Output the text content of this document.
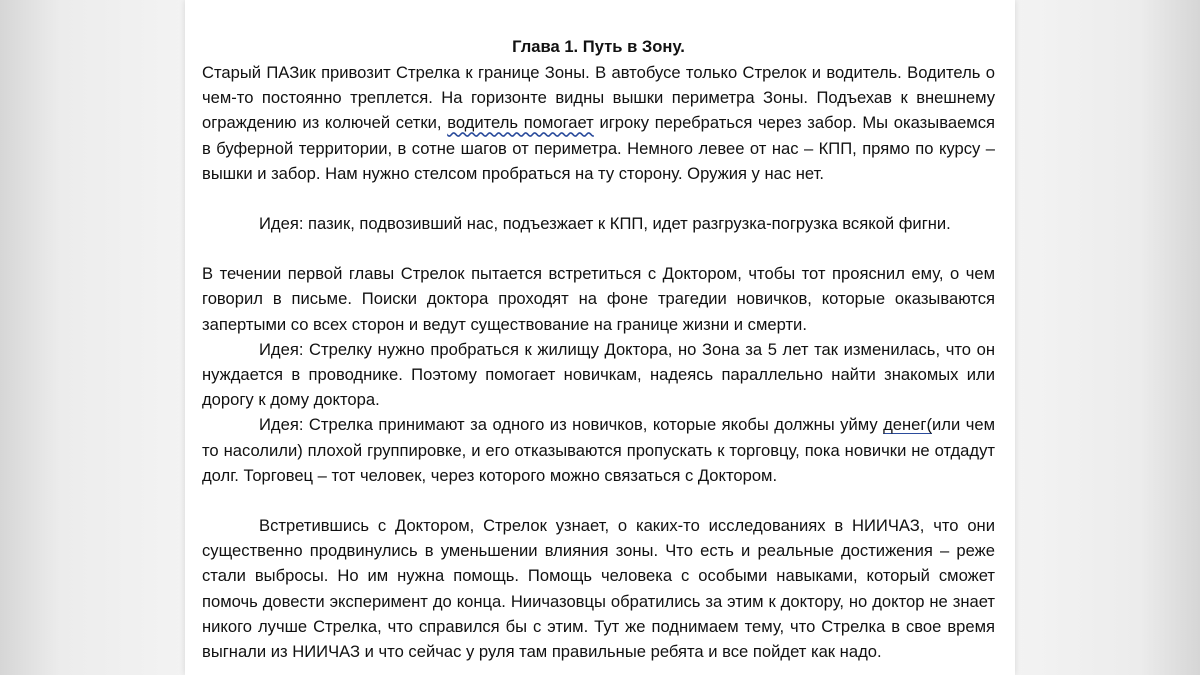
Глава 1. Путь в Зону.

Старый ПАЗик привозит Стрелка к границе Зоны. В автобусе только Стрелок и водитель. Водитель о чем-то постоянно треплется. На горизонте видны вышки периметра Зоны. Подъехав к внешнему ограждению из колючей сетки, водитель помогает игроку перебраться через забор. Мы оказываемся в буферной территории, в сотне шагов от периметра. Немного левее от нас – КПП, прямо по курсу – вышки и забор. Нам нужно стелсом пробраться на ту сторону. Оружия у нас нет.

Идея: пазик, подвозивший нас, подъезжает к КПП, идет разгрузка-погрузка всякой фигни.

В течении первой главы Стрелок пытается встретиться с Доктором, чтобы тот прояснил ему, о чем говорил в письме. Поиски доктора проходят на фоне трагедии новичков, которые оказываются запертыми со всех сторон и ведут существование на границе жизни и смерти.

Идея: Стрелку нужно пробраться к жилищу Доктора, но Зона за 5 лет так изменилась, что он нуждается в проводнике. Поэтому помогает новичкам, надеясь параллельно найти знакомых или дорогу к дому доктора.

Идея: Стрелка принимают за одного из новичков, которые якобы должны уйму денег(или чем то насолили) плохой группировке, и его отказываются пропускать к торговцу, пока новички не отдадут долг. Торговец – тот человек, через которого можно связаться с Доктором.

Встретившись с Доктором, Стрелок узнает, о каких-то исследованиях в НИИЧАЗ, что они существенно продвинулись в уменьшении влияния зоны. Что есть и реальные достижения – реже стали выбросы. Но им нужна помощь. Помощь человека с особыми навыками, который сможет помочь довести эксперимент до конца. Ниичазовцы обратились за этим к доктору, но доктор не знает никого лучше Стрелка, что справился бы с этим. Тут же поднимаем тему, что Стрелка в свое время выгнали из НИИЧАЗ и что сейчас у руля там правильные ребята и все пойдет как надо.
